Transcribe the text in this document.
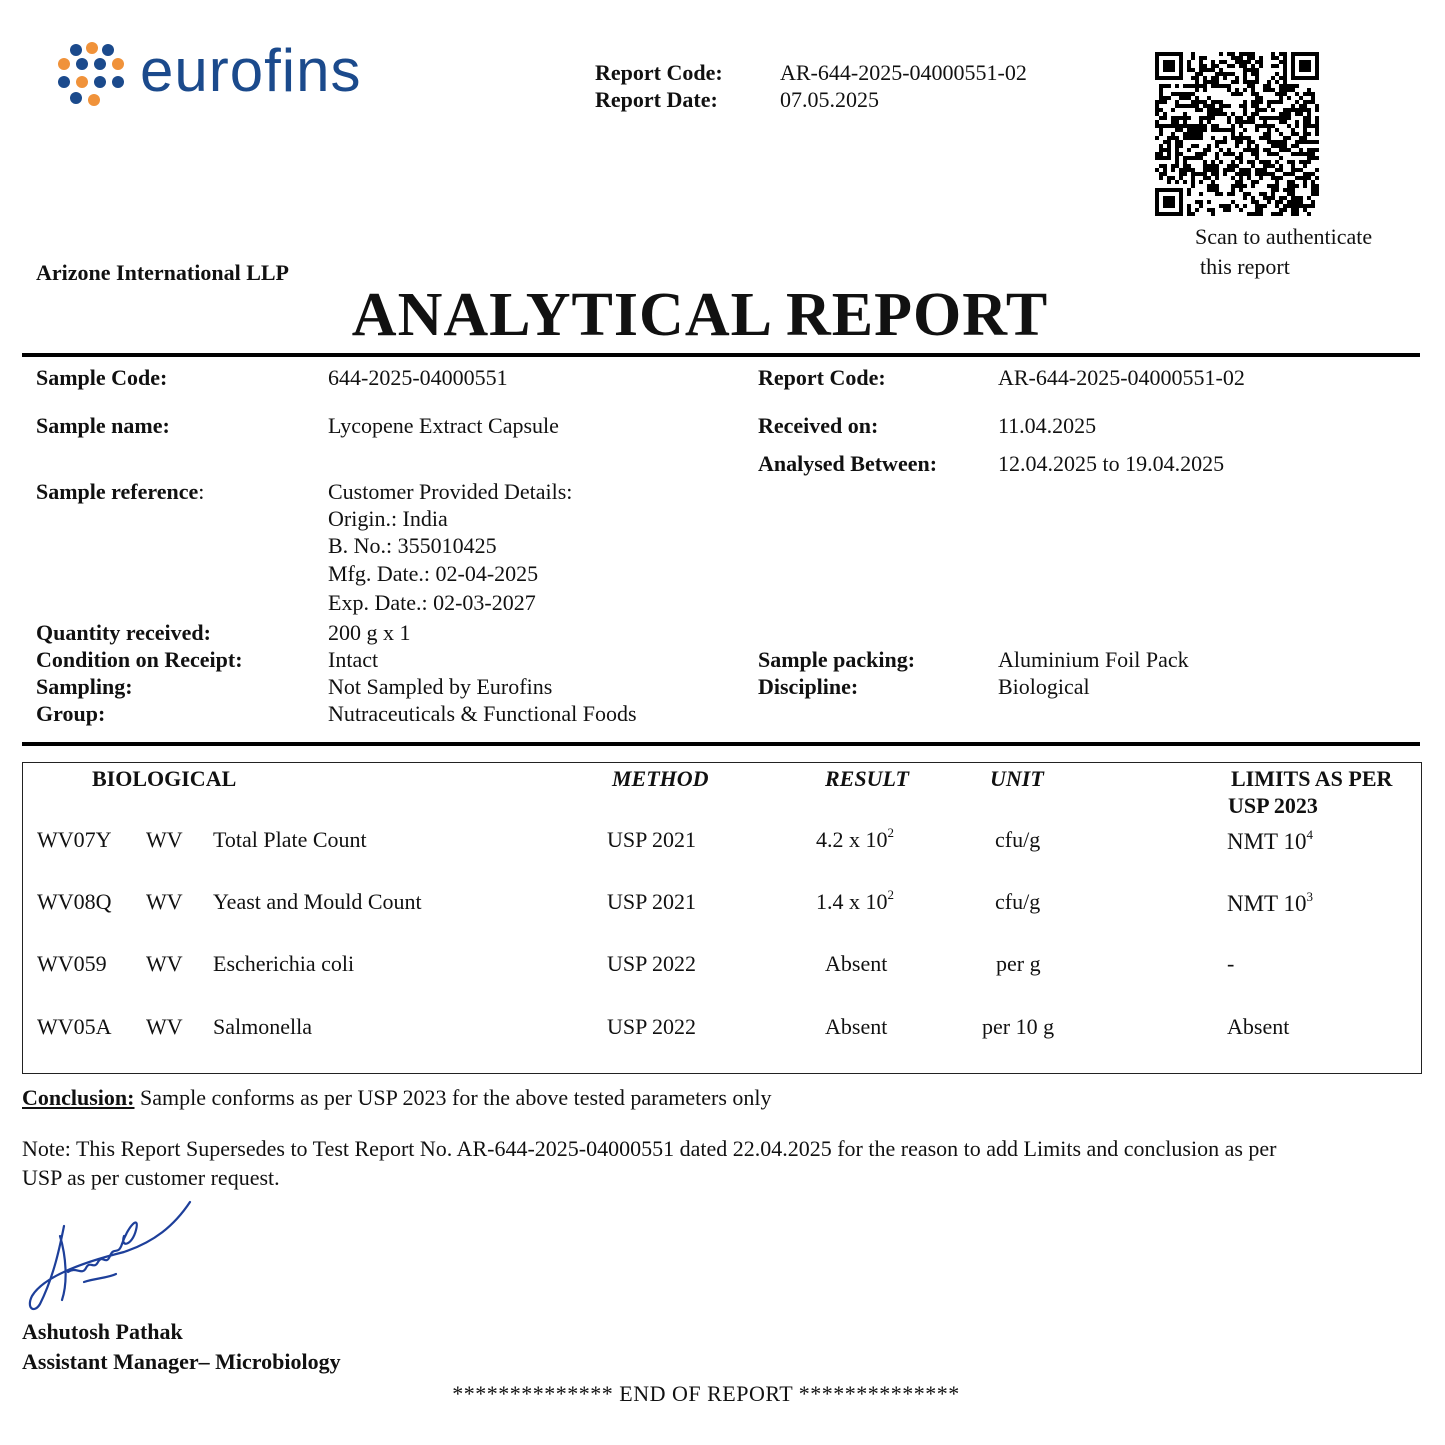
eurofins	Report Code:	AR-644-2025-04000551-02
Report Date:	07.05.2025
Scan to authenticate
this report
Arizone International LLP
ANALYTICAL REPORT
Sample Code:	644-2025-04000551
Sample name:	Lycopene Extract Capsule
Sample reference:	Customer Provided Details:
Origin.: India
B. No.: 355010425
Mfg. Date.: 02-04-2025
Exp. Date.: 02-03-2027
Quantity received:	200 g x 1
Condition on Receipt:	Intact
Sampling:	Not Sampled by Eurofins
Group:	Nutraceuticals & Functional Foods
Report Code:	AR-644-2025-04000551-02
Received on:	11.04.2025
Analysed Between:	12.04.2025 to 19.04.2025
Sample packing:	Aluminium Foil Pack
Discipline:	Biological
BIOLOGICAL	METHOD	RESULT	UNIT	LIMITS AS PER
USP 2023
WV07Y WV Total Plate Count	USP 2021	4.2 x $10^2$	cfu/g	NMT $10^4$
WV08Q WV Yeast and Mould Count	USP 2021	1.4 x $10^2$	cfu/g	NMT $10^3$
WV059 WV Escherichia coli	USP 2022	Absent	per g	-
WV05A WV Salmonella	USP 2022	Absent	per 10 g	Absent
Conclusion: Sample conforms as per USP 2023 for the above tested parameters only
Note: This Report Supersedes to Test Report No. AR-644-2025-04000551 dated 22.04.2025 for the reason to add Limits and conclusion as per
USP as per customer request.
Ashutosh Pathak
Assistant Manager– Microbiology
************** END OF REPORT **************
